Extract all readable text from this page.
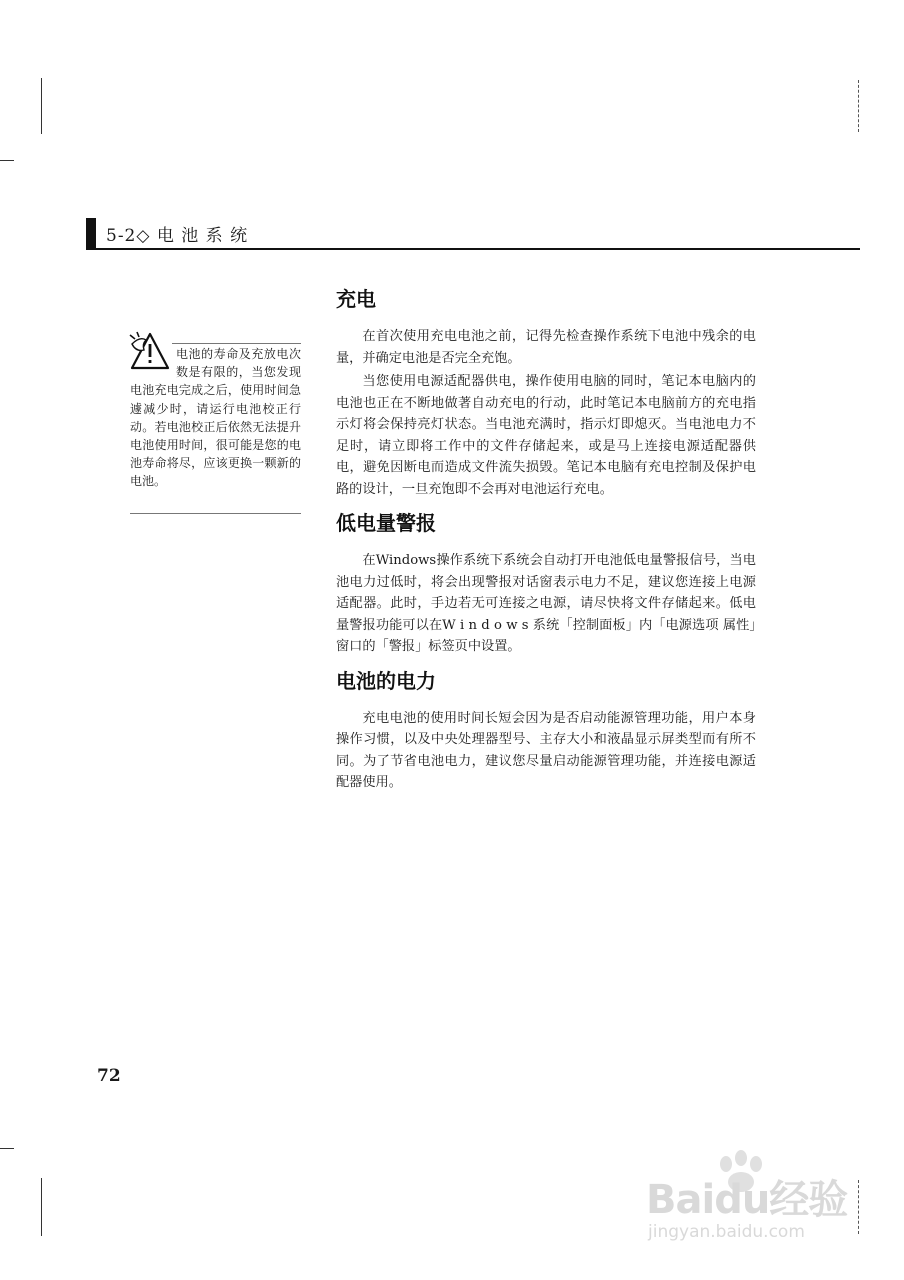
5-2◇ 电 池 系 统

电池的寿命及充放电次数是有限的，当您发现电池充电完成之后，使用时间急遽减少时，请运行电池校正行动。若电池校正后依然无法提升电池使用时间，很可能是您的电池寿命将尽，应该更换一颗新的电池。

充电

在首次使用充电电池之前，记得先检查操作系统下电池中残余的电量，并确定电池是否完全充饱。

当您使用电源适配器供电，操作使用电脑的同时，笔记本电脑内的电池也正在不断地做著自动充电的行动，此时笔记本电脑前方的充电指示灯将会保持亮灯状态。当电池充满时，指示灯即熄灭。当电池电力不足时，请立即将工作中的文件存储起来，或是马上连接电源适配器供电，避免因断电而造成文件流失损毁。笔记本电脑有充电控制及保护电路的设计，一旦充饱即不会再对电池运行充电。

低电量警报

在Windows操作系统下系统会自动打开电池低电量警报信号，当电池电力过低时，将会出现警报对话窗表示电力不足，建议您连接上电源适配器。此时，手边若无可连接之电源，请尽快将文件存储起来。低电量警报功能可以在W i n d o w s 系统「控制面板」内「电源选项 属性」窗口的「警报」标签页中设置。

电池的电力

充电电池的使用时间长短会因为是否启动能源管理功能，用户本身操作习惯，以及中央处理器型号、主存大小和液晶显示屏类型而有所不同。为了节省电池电力，建议您尽量启动能源管理功能，并连接电源适配器使用。

72
Baidu经验
jingyan.baidu.com
